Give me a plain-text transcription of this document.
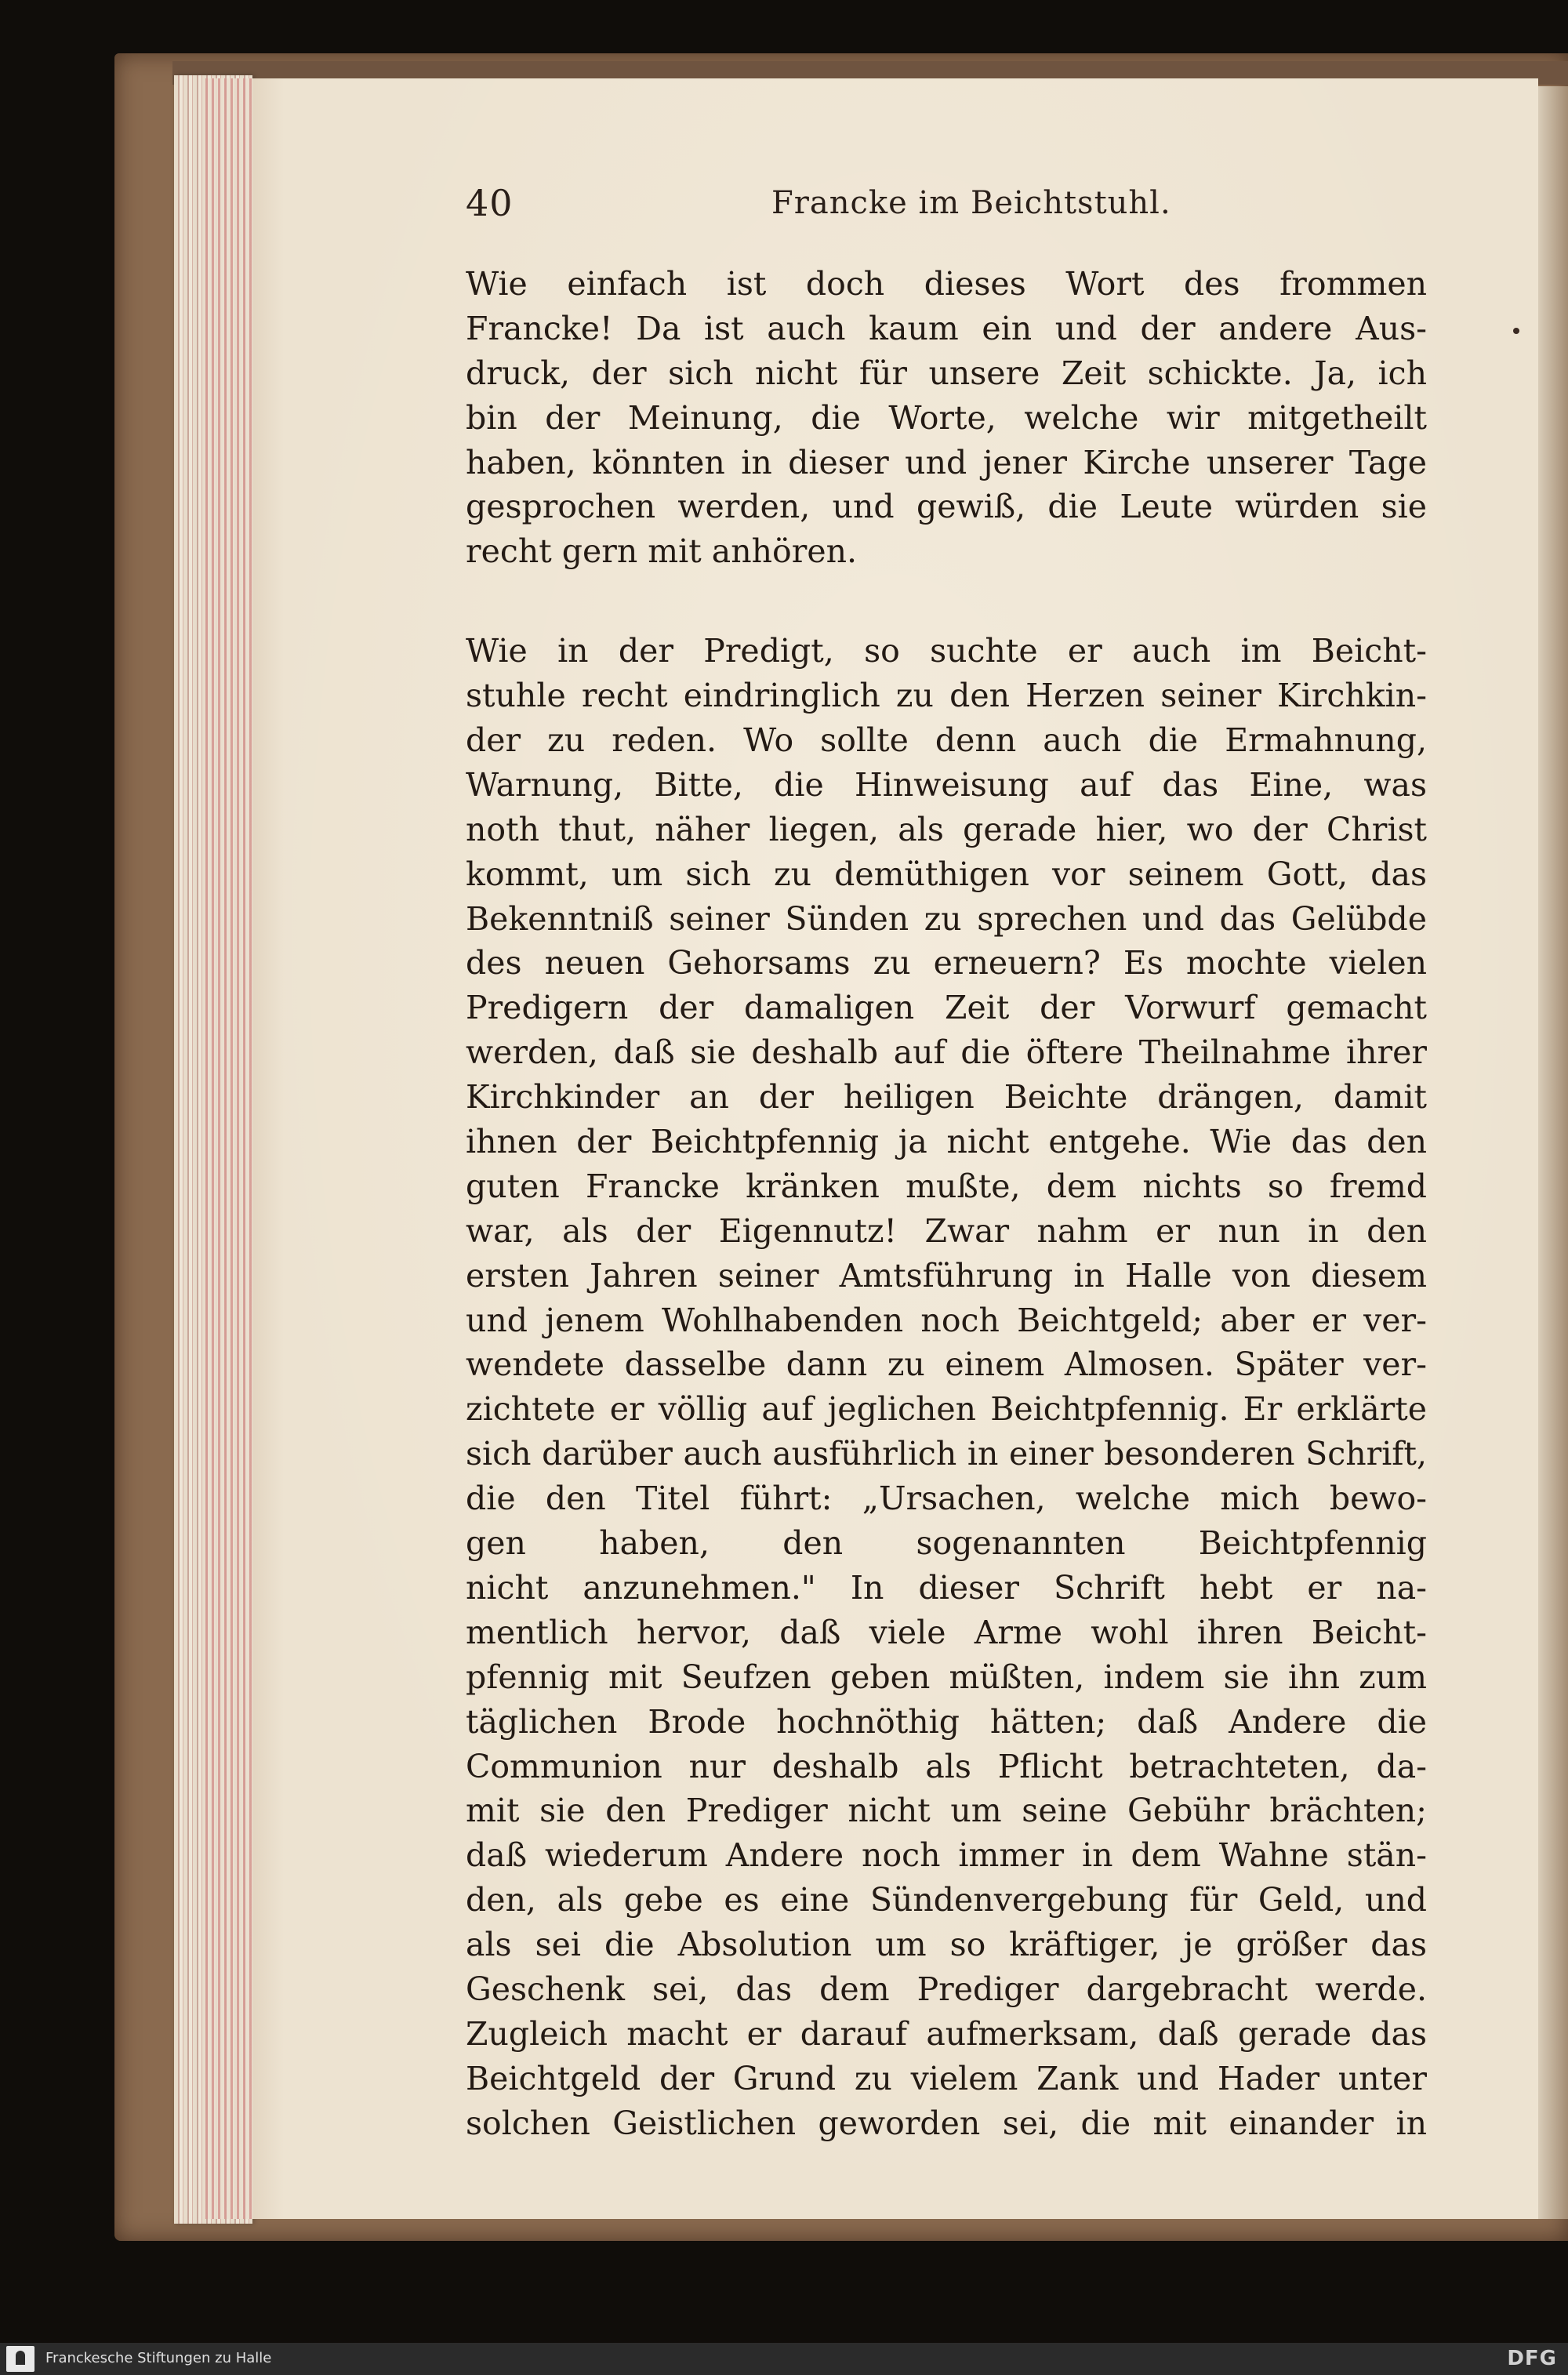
40	Francke im Beichtstuhl.
Wie einfach ist doch dieses Wort des frommen
Francke! Da ist auch kaum ein und der andere Aus-
druck, der sich nicht für unsere Zeit schickte. Ja, ich
bin der Meinung, die Worte, welche wir mitgetheilt
haben, könnten in dieser und jener Kirche unserer Tage
gesprochen werden, und gewiß, die Leute würden sie
recht gern mit anhören.
Wie in der Predigt, so suchte er auch im Beicht-
stuhle recht eindringlich zu den Herzen seiner Kirchkin-
der zu reden. Wo sollte denn auch die Ermahnung,
Warnung, Bitte, die Hinweisung auf das Eine, was
noth thut, näher liegen, als gerade hier, wo der Christ
kommt, um sich zu demüthigen vor seinem Gott, das
Bekenntniß seiner Sünden zu sprechen und das Gelübde
des neuen Gehorsams zu erneuern? Es mochte vielen
Predigern der damaligen Zeit der Vorwurf gemacht
werden, daß sie deshalb auf die öftere Theilnahme ihrer
Kirchkinder an der heiligen Beichte drängen, damit
ihnen der Beichtpfennig ja nicht entgehe. Wie das den
guten Francke kränken mußte, dem nichts so fremd
war, als der Eigennutz! Zwar nahm er nun in den
ersten Jahren seiner Amtsführung in Halle von diesem
und jenem Wohlhabenden noch Beichtgeld; aber er ver-
wendete dasselbe dann zu einem Almosen. Später ver-
zichtete er völlig auf jeglichen Beichtpfennig. Er erklärte
sich darüber auch ausführlich in einer besonderen Schrift,
die den Titel führt: „Ursachen, welche mich bewo-
gen haben, den sogenannten Beichtpfennig
nicht anzunehmen." In dieser Schrift hebt er na-
mentlich hervor, daß viele Arme wohl ihren Beicht-
pfennig mit Seufzen geben müßten, indem sie ihn zum
täglichen Brode hochnöthig hätten; daß Andere die
Communion nur deshalb als Pflicht betrachteten, da-
mit sie den Prediger nicht um seine Gebühr brächten;
daß wiederum Andere noch immer in dem Wahne stän-
den, als gebe es eine Sündenvergebung für Geld, und
als sei die Absolution um so kräftiger, je größer das
Geschenk sei, das dem Prediger dargebracht werde.
Zugleich macht er darauf aufmerksam, daß gerade das
Beichtgeld der Grund zu vielem Zank und Hader unter
solchen Geistlichen geworden sei, die mit einander in
Franckesche Stiftungen zu Halle	DFG
